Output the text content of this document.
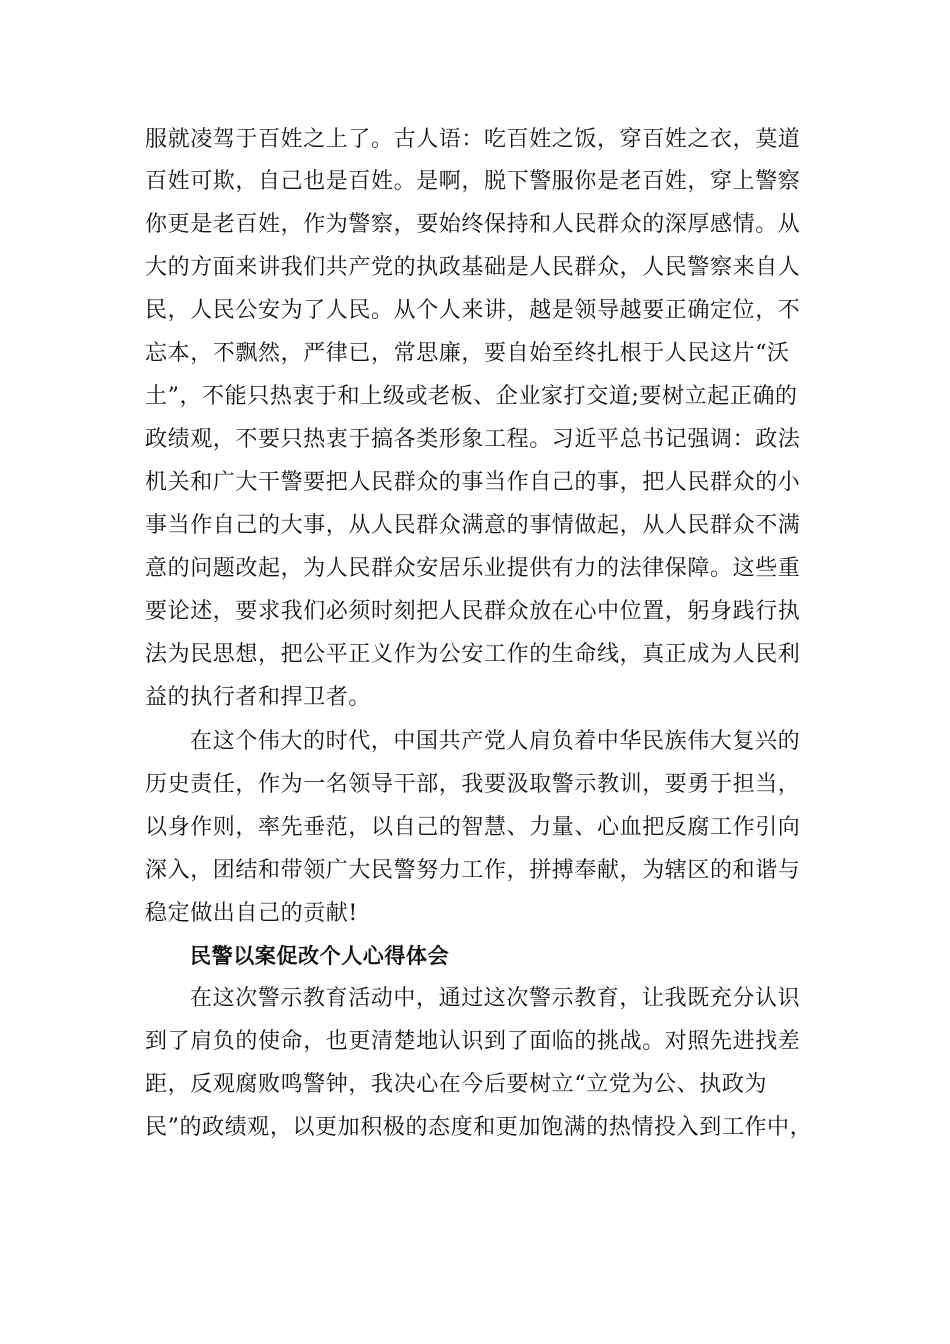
服就凌驾于百姓之上了。古人语：吃百姓之饭，穿百姓之衣，莫道
百姓可欺，自己也是百姓。是啊，脱下警服你是老百姓，穿上警察
你更是老百姓，作为警察，要始终保持和人民群众的深厚感情。从
大的方面来讲我们共产党的执政基础是人民群众，人民警察来自人
民，人民公安为了人民。从个人来讲，越是领导越要正确定位，不
忘本，不飘然，严律已，常思廉，要自始至终扎根于人民这片“沃
土”，不能只热衷于和上级或老板、企业家打交道;要树立起正确的
政绩观，不要只热衷于搞各类形象工程。习近平总书记强调：政法
机关和广大干警要把人民群众的事当作自己的事，把人民群众的小
事当作自己的大事，从人民群众满意的事情做起，从人民群众不满
意的问题改起，为人民群众安居乐业提供有力的法律保障。这些重
要论述，要求我们必须时刻把人民群众放在心中位置，躬身践行执
法为民思想，把公平正义作为公安工作的生命线，真正成为人民利
益的执行者和捍卫者。
在这个伟大的时代，中国共产党人肩负着中华民族伟大复兴的
历史责任，作为一名领导干部，我要汲取警示教训，要勇于担当，
以身作则，率先垂范，以自己的智慧、力量、心血把反腐工作引向
深入，团结和带领广大民警努力工作，拼搏奉献，为辖区的和谐与
稳定做出自己的贡献!
民警以案促改个人心得体会
在这次警示教育活动中，通过这次警示教育，让我既充分认识
到了肩负的使命，也更清楚地认识到了面临的挑战。对照先进找差
距，反观腐败鸣警钟，我决心在今后要树立“立党为公、执政为
民”的政绩观，以更加积极的态度和更加饱满的热情投入到工作中，
